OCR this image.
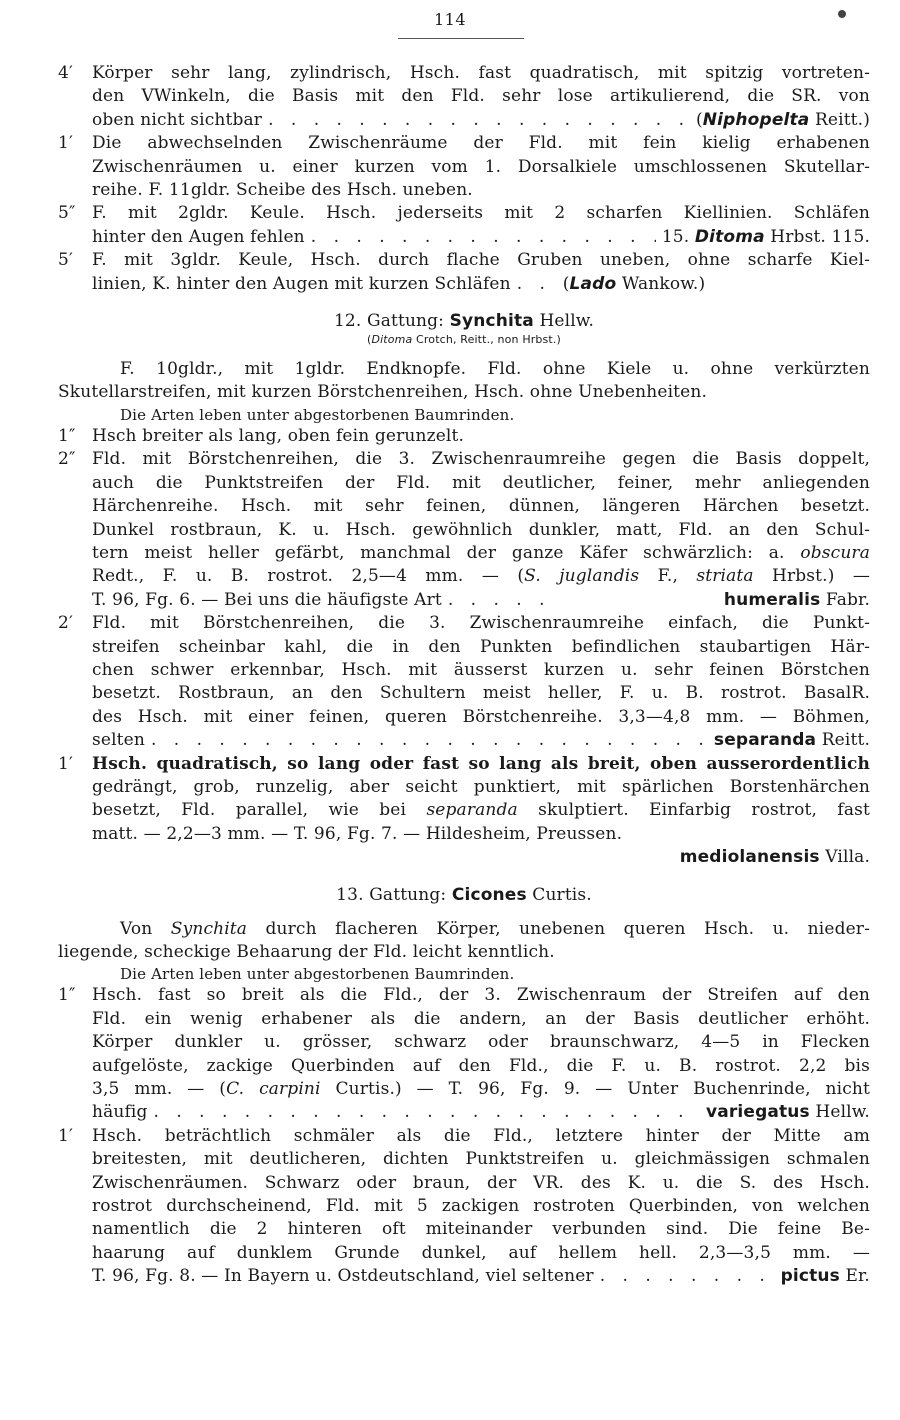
114
4′ Körper sehr lang, zylindrisch, Hsch. fast quadratisch, mit spitzig vortreten-
den VWinkeln, die Basis mit den Fld. sehr lose artikulierend, die SR. von
oben nicht sichtbar . . .	(Niphopelta Reitt.)
1′ Die abwechselnden Zwischenräume der Fld. mit fein kielig erhabenen
Zwischenräumen u. einer kurzen vom 1. Dorsalkiele umschlossenen Skutellar-
reihe. F. 11gldr. Scheibe des Hsch. uneben.
5″ F. mit 2gldr. Keule. Hsch. jederseits mit 2 scharfen Kiellinien. Schläfen
hinter den Augen fehlen . . .	15. Ditoma Hrbst. 115.
5′ F. mit 3gldr. Keule, Hsch. durch flache Gruben uneben, ohne scharfe Kiel-
linien, K. hinter den Augen mit kurzen Schläfen . . .	(Lado Wankow.)
12. Gattung: Synchita Hellw.
(Ditoma Crotch, Reitt., non Hrbst.)
F. 10gldr., mit 1gldr. Endknopfe. Fld. ohne Kiele u. ohne verkürzten
Skutellarstreifen, mit kurzen Börstchenreihen, Hsch. ohne Unebenheiten.
Die Arten leben unter abgestorbenen Baumrinden.
1″ Hsch breiter als lang, oben fein gerunzelt.
2″ Fld. mit Börstchenreihen, die 3. Zwischenraumreihe gegen die Basis doppelt,
auch die Punktstreifen der Fld. mit deutlicher, feiner, mehr anliegenden
Härchenreihe. Hsch. mit sehr feinen, dünnen, längeren Härchen besetzt.
Dunkel rostbraun, K. u. Hsch. gewöhnlich dunkler, matt, Fld. an den Schul-
tern meist heller gefärbt, manchmal der ganze Käfer schwärzlich: a. obscura
Redt., F. u. B. rostrot. 2,5—4 mm. — (S. juglandis F., striata Hrbst.) —
T. 96, Fg. 6. — Bei uns die häufigste Art . . .	humeralis
Fabr.
2′ Fld. mit Börstchenreihen, die 3. Zwischenraumreihe einfach, die Punkt-
streifen scheinbar kahl, die in den Punkten befindlichen staubartigen Här-
chen schwer erkennbar, Hsch. mit äusserst kurzen u. sehr feinen Börstchen
besetzt. Rostbraun, an den Schultern meist heller, F. u. B. rostrot. BasalR.
des Hsch. mit einer feinen, queren Börstchenreihe. 3,3—4,8 mm. — Böhmen,
selten . . .	separanda
Reitt.
1′ Hsch. quadratisch, so lang oder fast so lang als breit, oben ausserordentlich
gedrängt, grob, runzelig, aber seicht punktiert, mit spärlichen Borstenhärchen
besetzt, Fld. parallel, wie bei separanda skulptiert. Einfarbig rostrot, fast
matt. — 2,2—3 mm. — T. 96, Fg. 7. — Hildesheim, Preussen.
mediolanensis Villa.
13. Gattung: Cicones Curtis.
Von Synchita durch flacheren Körper, unebenen queren Hsch. u. nieder-
liegende, scheckige Behaarung der Fld. leicht kenntlich.
Die Arten leben unter abgestorbenen Baumrinden.
1″ Hsch. fast so breit als die Fld., der 3. Zwischenraum der Streifen auf den
Fld. ein wenig erhabener als die andern, an der Basis deutlicher erhöht.
Körper dunkler u. grösser, schwarz oder braunschwarz, 4—5 in Flecken
aufgelöste, zackige Querbinden auf den Fld., die F. u. B. rostrot. 2,2 bis
3,5 mm. — (C. carpini Curtis.) — T. 96, Fg. 9. — Unter Buchenrinde, nicht
häufig . . .	variegatus
Hellw.
1′ Hsch. beträchtlich schmäler als die Fld., letztere hinter der Mitte am
breitesten, mit deutlicheren, dichten Punktstreifen u. gleichmässigen schmalen
Zwischenräumen. Schwarz oder braun, der VR. des K. u. die S. des Hsch.
rostrot durchscheinend, Fld. mit 5 zackigen rostroten Querbinden, von welchen
namentlich die 2 hinteren oft miteinander verbunden sind. Die feine Be-
haarung auf dunklem Grunde dunkel, auf hellem hell. 2,3—3,5 mm. —
T. 96, Fg. 8. — In Bayern u. Ostdeutschland, viel seltener . . .	pictus
Er.
